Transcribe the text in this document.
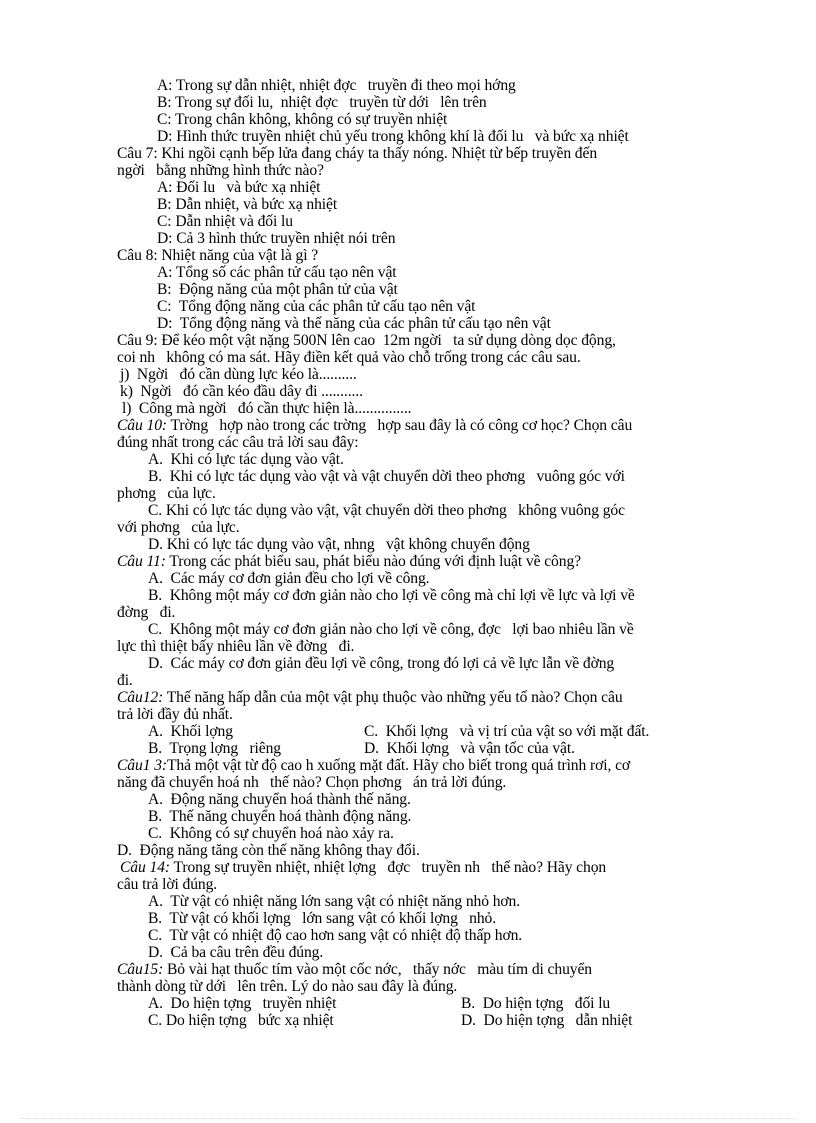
A: Trong sự dẫn nhiệt, nhiệt đợc   truyền đi theo mọi hớng
B: Trong sự đối lu,  nhiệt đợc   truyền từ dới   lên trên
C: Trong chân không, không có sự truyền nhiệt
D: Hình thức truyền nhiệt chủ yếu trong không khí là đối lu   và bức xạ nhiệt
Câu 7: Khi ngồi cạnh bếp lửa đang cháy ta thấy nóng. Nhiệt từ bếp truyền đến
ngời   bằng những hình thức nào?
A: Đối lu   và bức xạ nhiệt
B: Dẫn nhiệt, và bức xạ nhiệt
C: Dẫn nhiệt và đối lu
D: Cả 3 hình thức truyền nhiệt nói trên
Câu 8: Nhiệt năng của vật là gì ?
A: Tổng số các phân tử cấu tạo nên vật
B:  Động năng của một phân tử của vật
C:  Tổng động năng của các phân tử cấu tạo nên vật
D:  Tổng động năng và thế năng của các phân tử cấu tạo nên vật
Câu 9: Để kéo một vật nặng 500N lên cao  12m ngời   ta sử dụng dòng dọc động,
coi nh   không có ma sát. Hãy điền kết quả vào chỗ trống trong các câu sau.
j)  Ngời   đó cần dùng lực kéo là..........
k)  Ngời   đó cần kéo đầu dây đi ...........
l)  Công mà ngời   đó cần thực hiện là...............
Câu 10: Trờng   hợp nào trong các trờng   hợp sau đây là có công cơ học? Chọn câu
đúng nhất trong các câu trả lời sau đây:
A.  Khi có lực tác dụng vào vật.
B.  Khi có lực tác dụng vào vật và vật chuyển dời theo phơng   vuông góc với
phơng   của lực.
C. Khi có lực tác dụng vào vật, vật chuyển dời theo phơng   không vuông góc
với phơng   của lực.
D. Khi có lực tác dụng vào vật, nhng   vật không chuyển động
Câu 11: Trong các phát biểu sau, phát biểu nào đúng với định luật về công?
A.  Các máy cơ đơn giản đều cho lợi về công.
B.  Không một máy cơ đơn giản nào cho lợi về công mà chỉ lợi về lực và lợi về
đờng   đi.
C.  Không một máy cơ đơn giản nào cho lợi về công, đợc   lợi bao nhiêu lần về
lực thì thiệt bấy nhiêu lần về đờng   đi.
D.  Các máy cơ đơn giản đều lợi về công, trong đó lợi cả về lực lẫn về đờng
đi.
Câu12: Thế năng hấp dẫn của một vật phụ thuộc vào những yếu tố nào? Chọn câu
trả lời đầy đủ nhất.
A.  Khối lợng	C.  Khối lợng   và vị trí của vật so với mặt đất.
B.  Trọng lợng   riêng	D.  Khối lợng   và vận tốc của vật.
Câu1 3:Thả một vật từ độ cao h xuống mặt đất. Hãy cho biết trong quá trình rơi, cơ
năng đã chuyển hoá nh   thế nào? Chọn phơng   án trả lời đúng.
A.  Động năng chuyển hoá thành thế năng.
B.  Thế năng chuyển hoá thành động năng.
C.  Không có sự chuyển hoá nào xảy ra.
D.  Động năng tăng còn thế năng không thay đổi.
Câu 14: Trong sự truyền nhiệt, nhiệt lợng   đợc   truyền nh   thế nào? Hãy chọn
câu trả lời đúng.
A.  Từ vật có nhiệt năng lớn sang vật có nhiệt năng nhỏ hơn.
B.  Từ vật có khối lợng   lớn sang vật có khối lợng   nhỏ.
C.  Từ vật có nhiệt độ cao hơn sang vật có nhiệt độ thấp hơn.
D.  Cả ba câu trên đều đúng.
Câu15: Bỏ vài hạt thuốc tím vào một cốc nớc,   thấy nớc   màu tím di chuyển
thành dòng từ dới   lên trên. Lý do nào sau đây là đúng.
A.  Do hiện tợng   truyền nhiệt	B.  Do hiện tợng   đối lu
C. Do hiện tợng   bức xạ nhiệt	D.  Do hiện tợng   dẫn nhiệt
